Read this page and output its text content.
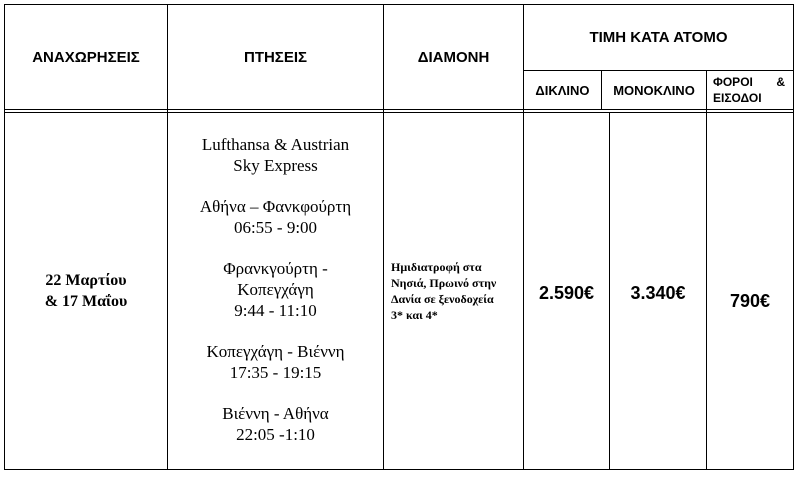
ΑΝΑΧΩΡΗΣΕΙΣ	ΠΤΗΣΕΙΣ	ΔΙΑΜΟΝΗ
ΤΙΜΗ ΚΑΤΑ ΑΤΟΜΟ
ΔΙΚΛΙΝΟ ΜΟΝΟΚΛΙΝΟ
ΦΟΡΟΙ &
ΕΙΣΟΔΟΙ
22 Μαρτίου
& 17 Μαΐου
Lufthansa & Austrian
Sky Express
Αθήνα – Φανκφούρτη
06:55 - 9:00
Φρανκγούρτη -
Κοπεγχάγη
9:44 - 11:10
Κοπεγχάγη - Βιέννη
17:35 - 19:15
Βιέννη - Αθήνα
22:05 -1:10
Ημιδιατροφή στα Νησιά, Πρωινό στην Δανία σε ξενοδοχεία 3* και 4*
2.590€ 3.340€ 790€
